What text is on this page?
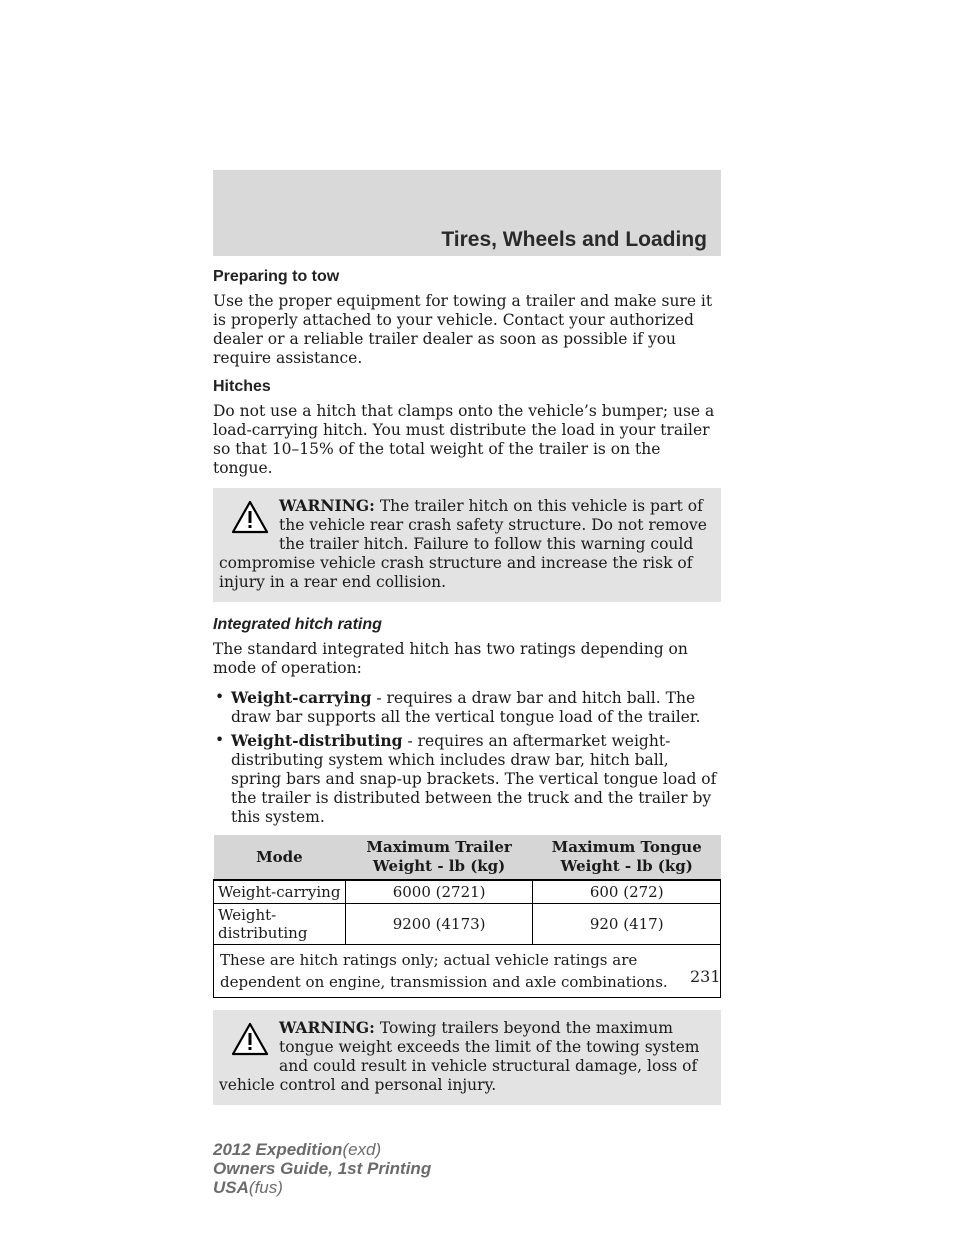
Tires, Wheels and Loading
Preparing to tow

Use the proper equipment for towing a trailer and make sure it is properly attached to your vehicle. Contact your authorized dealer or a reliable trailer dealer as soon as possible if you require assistance.

Hitches

Do not use a hitch that clamps onto the vehicle’s bumper; use a load-carrying hitch. You must distribute the load in your trailer so that 10–15% of the total weight of the trailer is on the tongue.

WARNING: The trailer hitch on this vehicle is part of the vehicle rear crash safety structure. Do not remove the trailer hitch. Failure to follow this warning could compromise vehicle crash structure and increase the risk of injury in a rear end collision.
Integrated hitch rating

The standard integrated hitch has two ratings depending on mode of operation:

• Weight-carrying - requires a draw bar and hitch ball. The draw bar supports all the vertical tongue load of the trailer.
• Weight-distributing - requires an aftermarket weight-distributing system which includes draw bar, hitch ball, spring bars and snap-up brackets. The vertical tongue load of the trailer is distributed between the truck and the trailer by this system.
Mode	Maximum Trailer Weight - lb (kg)	Maximum Tongue Weight - lb (kg)
Weight-carrying	6000 (2721)	600 (272)
Weight-distributing	9200 (4173)	920 (417)
These are hitch ratings only; actual vehicle ratings are dependent on engine, transmission and axle combinations.		
WARNING: Towing trailers beyond the maximum tongue weight exceeds the limit of the towing system and could result in vehicle structural damage, loss of vehicle control and personal injury.
231
2012 Expedition(exd)
Owners Guide, 1st Printing
USA(fus)
